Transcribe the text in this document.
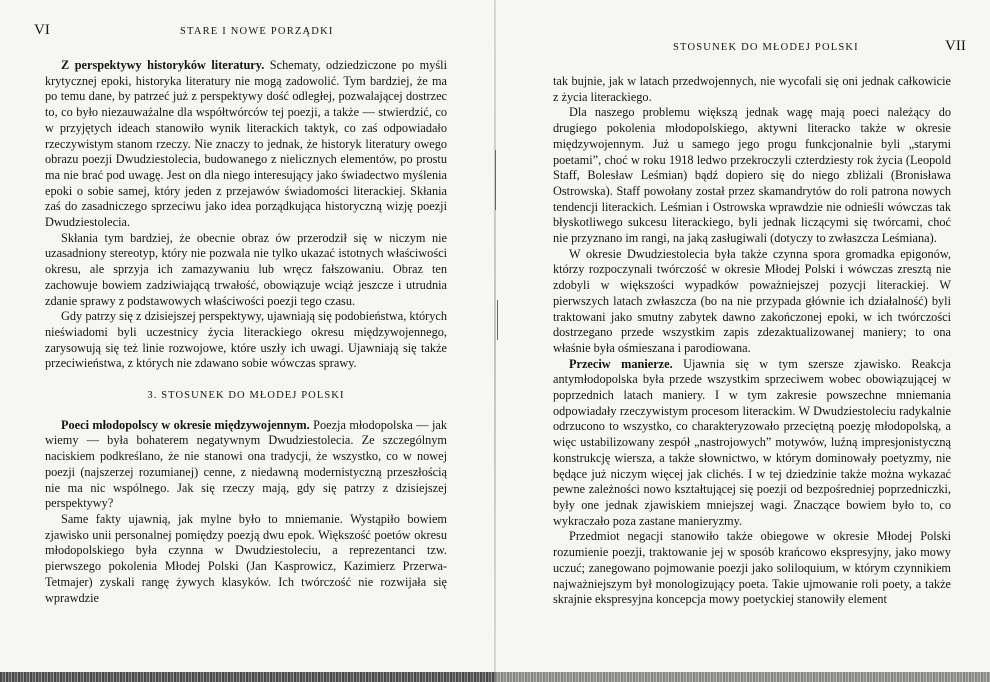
VI	STARE I NOWE PORZĄDKI

Z perspektywy historyków literatury. Schematy, odziedziczone po myśli krytycznej epoki, historyka literatury nie mogą zadowolić. Tym bardziej, że ma po temu dane, by patrzeć już z perspektywy dość odległej, pozwalającej dostrzec to, co było niezauważalne dla współtwórców tej poezji, a także — stwierdzić, co w przyjętych ideach stanowiło wynik literackich taktyk, co zaś odpowiadało rzeczywistym stanom rzeczy. Nie znaczy to jednak, że historyk literatury owego obrazu poezji Dwudziestolecia, budowanego z nielicznych elementów, po prostu ma nie brać pod uwagę. Jest on dla niego interesujący jako świadectwo myślenia epoki o sobie samej, który jeden z przejawów świadomości literackiej. Skłania zaś do zasadniczego sprzeciwu jako idea porządkująca historyczną wizję poezji Dwudziestolecia.

Skłania tym bardziej, że obecnie obraz ów przerodził się w niczym nie uzasadniony stereotyp, który nie pozwala nie tylko ukazać istotnych właściwości okresu, ale sprzyja ich zamazywaniu lub wręcz fałszowaniu. Obraz ten zachowuje bowiem zadziwiającą trwałość, obowiązuje wciąż jeszcze i utrudnia zdanie sprawy z podstawowych właściwości poezji tego czasu.

Gdy patrzy się z dzisiejszej perspektywy, ujawniają się podobieństwa, których nieświadomi byli uczestnicy życia literackiego okresu międzywojennego, zarysowują się też linie rozwojowe, które uszły ich uwagi. Ujawniają się także przeciwieństwa, z których nie zdawano sobie wówczas sprawy.

3. STOSUNEK DO MŁODEJ POLSKI

Poeci młodopolscy w okresie międzywojennym. Poezja młodopolska — jak wiemy — była bohaterem negatywnym Dwudziestolecia. Ze szczególnym naciskiem podkreślano, że nie stanowi ona tradycji, że wszystko, co w nowej poezji (najszerzej rozumianej) cenne, z niedawną modernistyczną przeszłością nie ma nic wspólnego. Jak się rzeczy mają, gdy się patrzy z dzisiejszej perspektywy?

Same fakty ujawnią, jak mylne było to mniemanie. Wystąpiło bowiem zjawisko unii personalnej pomiędzy poezją dwu epok. Większość poetów okresu młodopolskiego była czynna w Dwudziestoleciu, a reprezentanci tzw. pierwszego pokolenia Młodej Polski (Jan Kasprowicz, Kazimierz Przerwa-Tetmajer) zyskali rangę żywych klasyków. Ich twórczość nie rozwijała się wprawdzie

STOSUNEK DO MŁODEJ POLSKI	VII

tak bujnie, jak w latach przedwojennych, nie wycofali się oni jednak całkowicie z życia literackiego.

Dla naszego problemu większą jednak wagę mają poeci należący do drugiego pokolenia młodopolskiego, aktywni literacko także w okresie międzywojennym. Już u samego jego progu funkcjonalnie byli „starymi poetami”, choć w roku 1918 ledwo przekroczyli czterdziesty rok życia (Leopold Staff, Bolesław Leśmian) bądź dopiero się do niego zbliżali (Bronisława Ostrowska). Staff powołany został przez skamandrytów do roli patrona nowych tendencji literackich. Leśmian i Ostrowska wprawdzie nie odnieśli wówczas tak błyskotliwego sukcesu literackiego, byli jednak liczącymi się twórcami, choć nie przyznano im rangi, na jaką zasługiwali (dotyczy to zwłaszcza Leśmiana).

W okresie Dwudziestolecia była także czynna spora gromadka epigonów, którzy rozpoczynali twórczość w okresie Młodej Polski i wówczas zresztą nie zdobyli w większości wypadków poważniejszej pozycji literackiej. W pierwszych latach zwłaszcza (bo na nie przypada głównie ich działalność) byli traktowani jako smutny zabytek dawno zakończonej epoki, w ich twórczości dostrzegano przede wszystkim zapis zdezaktualizowanej maniery; to ona właśnie była ośmieszana i parodiowana.

Przeciw manierze. Ujawnia się w tym szersze zjawisko. Reakcja antymłodopolska była przede wszystkim sprzeciwem wobec obowiązującej w poprzednich latach maniery. I w tym zakresie powszechne mniemania odpowiadały rzeczywistym procesom literackim. W Dwudziestoleciu radykalnie odrzucono to wszystko, co charakteryzowało przeciętną poezję młodopolską, a więc ustabilizowany zespół „nastrojowych” motywów, luźną impresjonistyczną konstrukcję wiersza, a także słownictwo, w którym dominowały poetyzmy, nie będące już niczym więcej jak clichés. I w tej dziedzinie także można wykazać pewne zależności nowo kształtującej się poezji od bezpośredniej poprzedniczki, były one jednak zjawiskiem mniejszej wagi. Znaczące bowiem było to, co wykraczało poza zastane manieryzmy.

Przedmiot negacji stanowiło także obiegowe w okresie Młodej Polski rozumienie poezji, traktowanie jej w sposób krańcowo ekspresyjny, jako mowy uczuć; zanegowano pojmowanie poezji jako soliloquium, w którym czynnikiem najważniejszym był monologizujący poeta. Takie ujmowanie roli poety, a także skrajnie ekspresyjna koncepcja mowy poetyckiej stanowiły element
